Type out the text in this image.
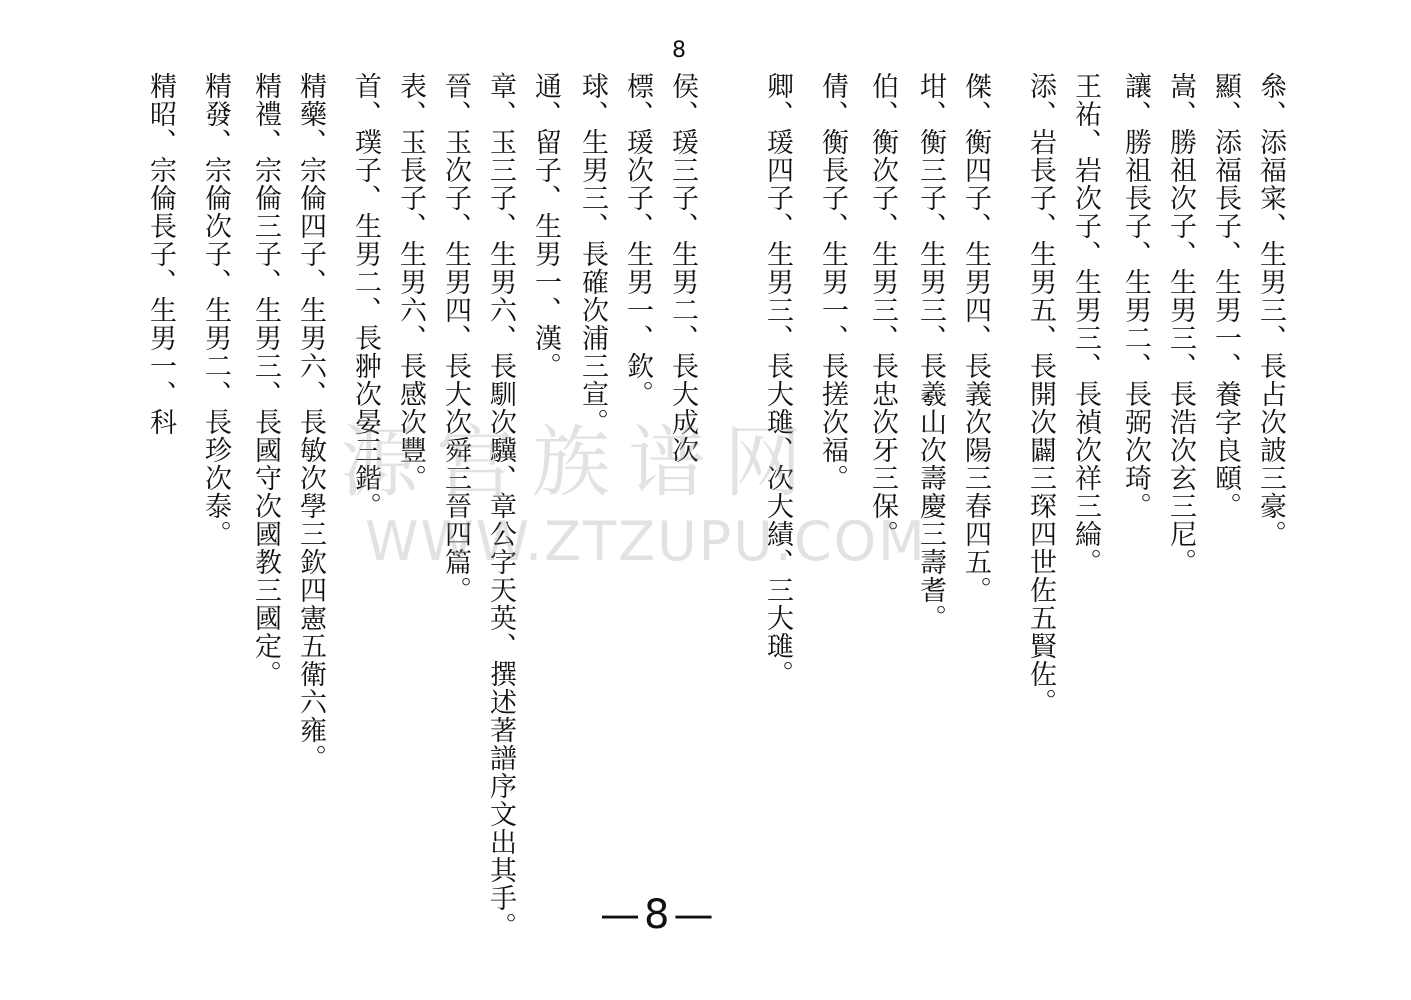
8
叅、添福寀、生男三、長占次詖三豪。
顯、添福長子、生男一、養字良頤。
嵩、勝祖次子、生男三、長浩次玄三尼。
讓、勝祖長子、生男二、長弼次琦。
王祐、岩次子、生男三、長禎次祥三綸。
添、岩長子、生男五、長開次闢三琛四世佐五賢佐。
傑、衡四子、生男四、長義次陽三春四五。
坩、衡三子、生男三、長羲山次壽慶三壽耆。
伯、衡次子、生男三、長忠次牙三保。
倩、衡長子、生男一、長搓次福。
卿、瑗四子、生男三、長大璡、次大績、三大璡。
侯、瑗三子、生男二、長大成次
標、瑗次子、生男一、欽。
球、生男三、長確次浦三宣。
通、留子、生男一、漢。
章、玉三子、生男六、長馴次驥、章公字天英、撰述著譜序文出其手。
晉、玉次子、生男四、長大次舜三晉四篇。
表、玉長子、生男六、長感次豐。
首、璞子、生男二、長翀次晏三鍇。
精藥、宗倫四子、生男六、長敏次學三欽四憲五衛六雍。
精禮、宗倫三子、生男三、長國守次國教三國定。
精發、宗倫次子、生男二、長珍次泰。
精昭、宗倫長子、生男一、科
源宫族谱网
WWW.ZTZUPU.COM
—8—
